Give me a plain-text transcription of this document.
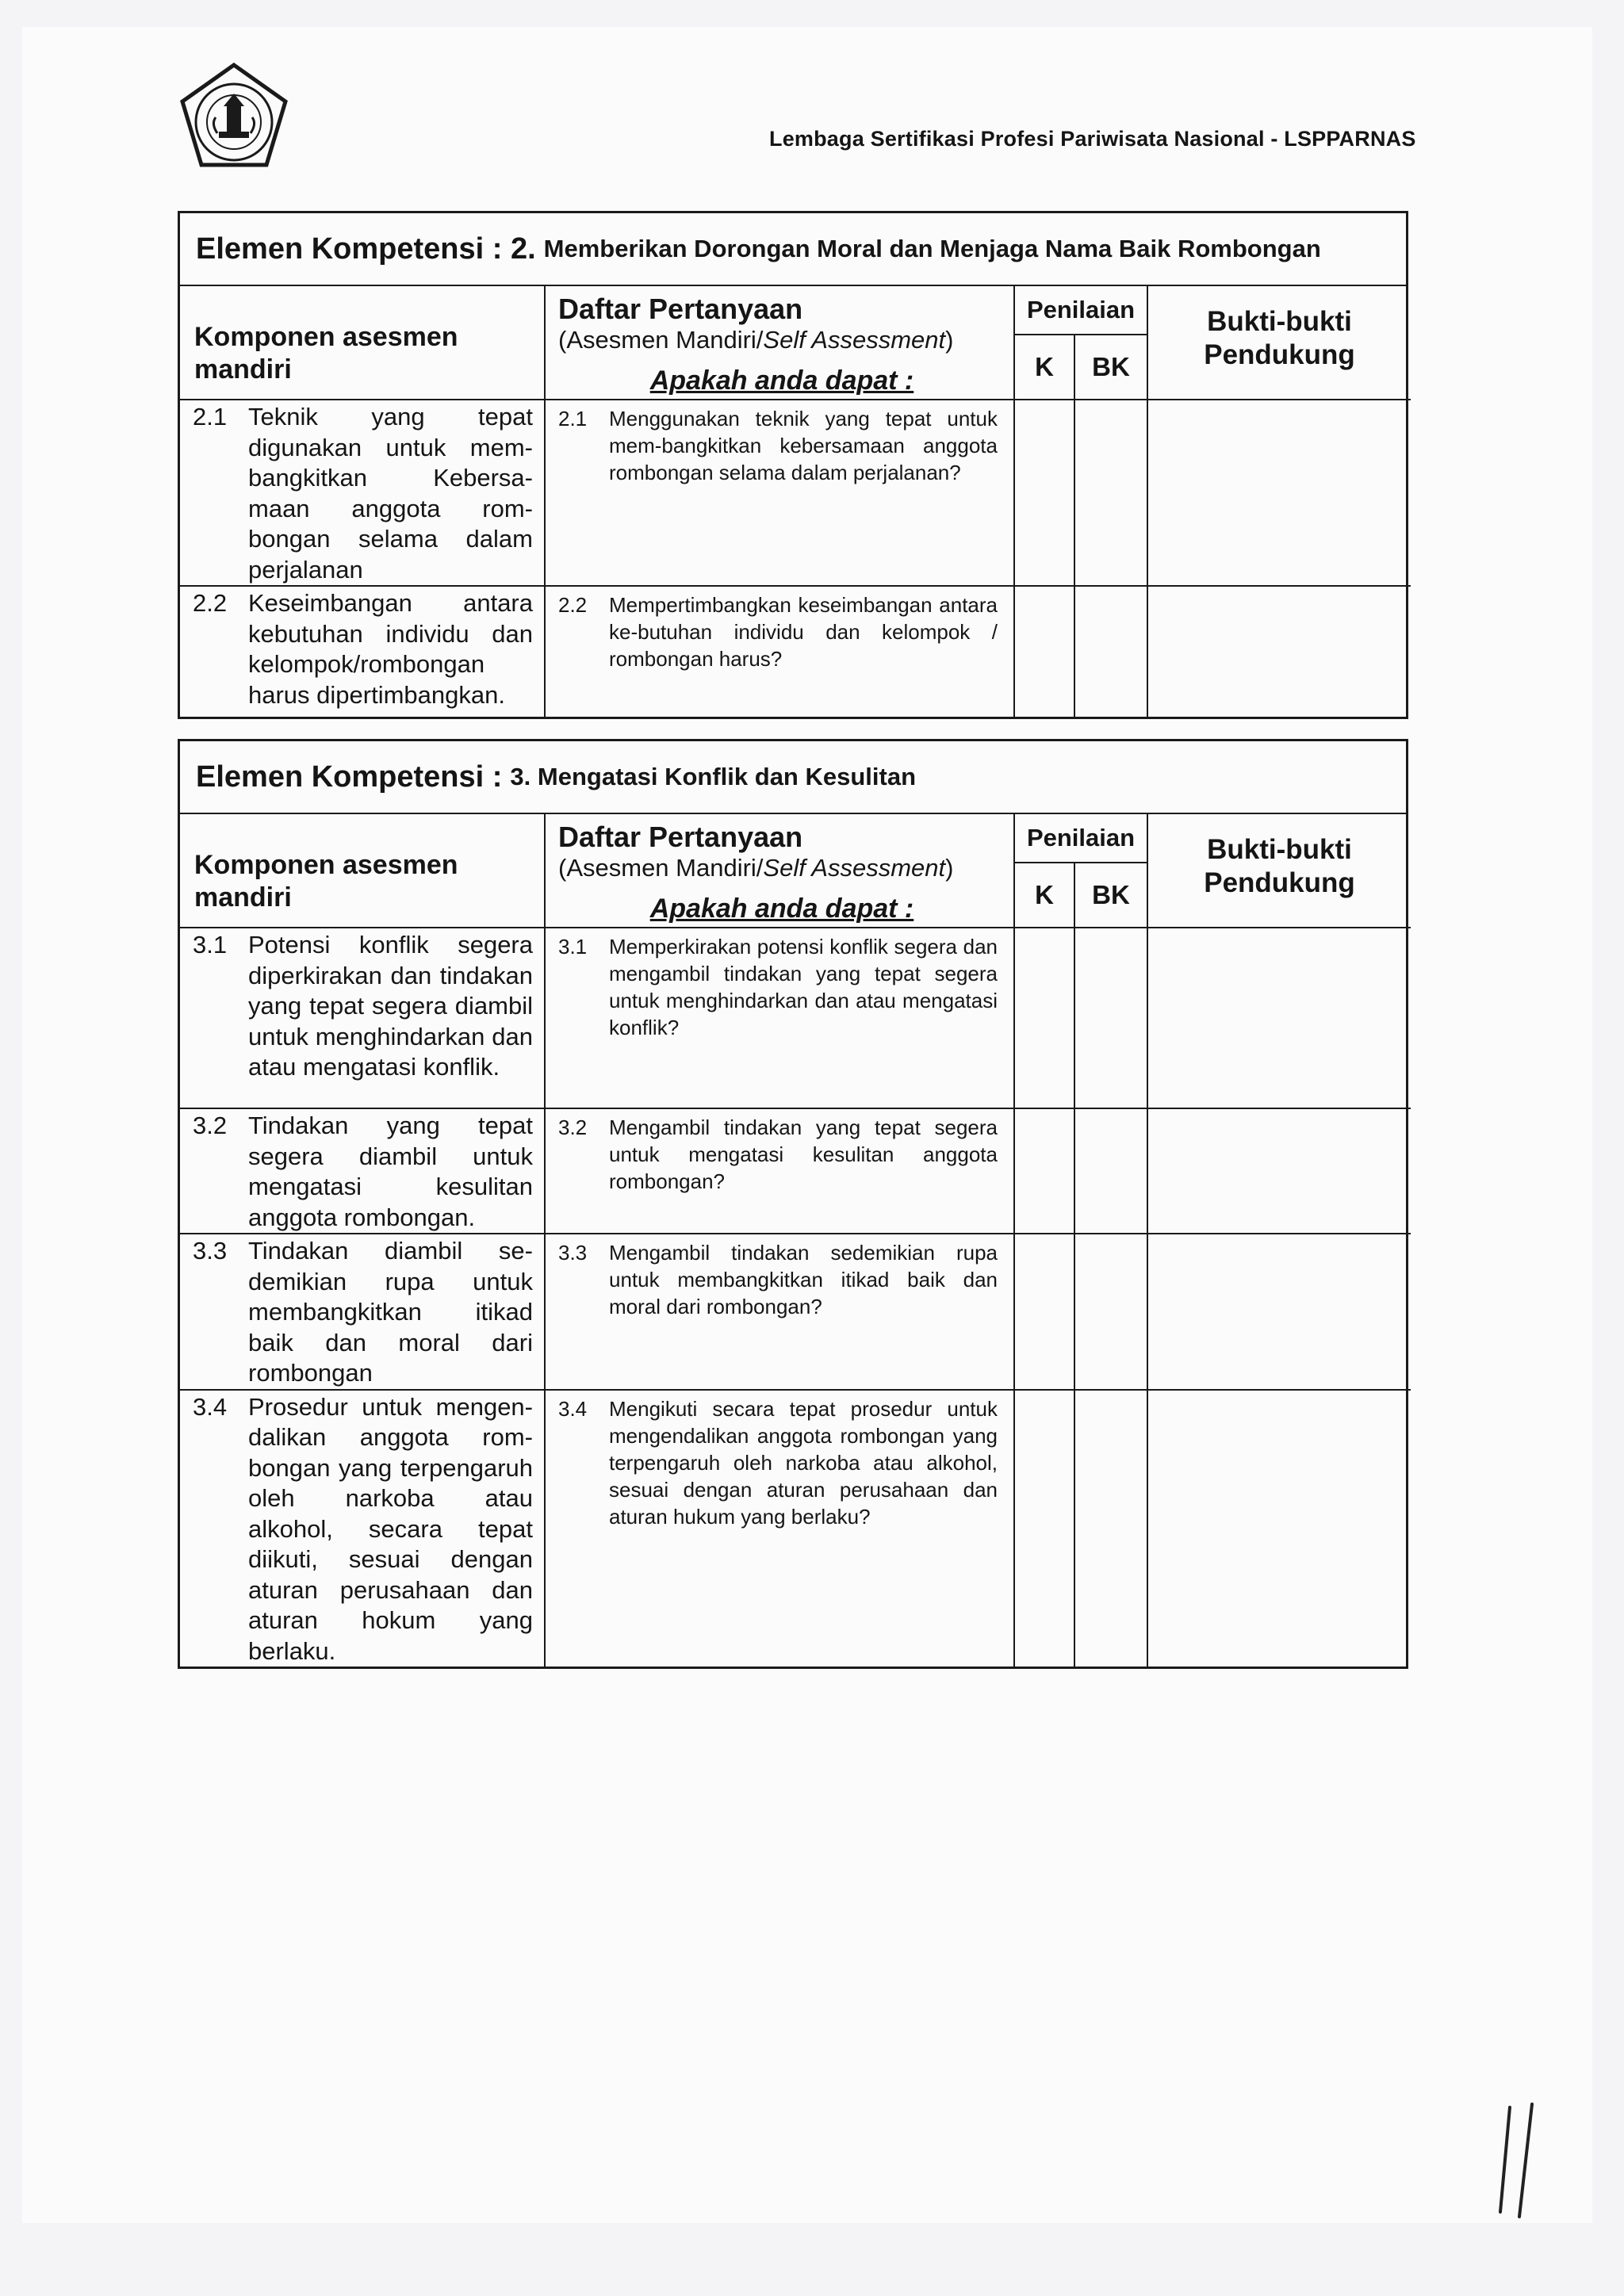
Lembaga Sertifikasi Profesi Pariwisata Nasional - LSPPARNAS
Elemen Kompetensi : 2. Memberikan Dorongan Moral dan Menjaga Nama Baik Rombongan
Komponen asesmen mandiri	Daftar Pertanyaan
(Asesmen Mandiri/Self Assessment)
Apakah anda dapat :	Penilaian		Bukti-bukti Pendukung
		K	BK	

2.1 Teknik yang tepat digunakan untuk mem-bangkitkan Kebersa-maan anggota rom-bongan selama dalam perjalanan	2.1 Menggunakan teknik yang tepat untuk mem-bangkitkan kebersamaan anggota rombongan selama dalam perjalanan?			

2.2 Keseimbangan antara kebutuhan individu dan kelompok/rombongan harus dipertimbangkan.	2.2 Mempertimbangkan keseimbangan antara ke-butuhan individu dan kelompok / rombongan harus?			

Elemen Kompetensi : 3. Mengatasi Konflik dan Kesulitan
Komponen asesmen mandiri	Daftar Pertanyaan
(Asesmen Mandiri/Self Assessment)
Apakah anda dapat :	Penilaian		Bukti-bukti Pendukung
		K	BK	

3.1 Potensi konflik segera diperkirakan dan tindakan yang tepat segera diambil untuk menghindarkan dan atau mengatasi konflik.	3.1 Memperkirakan potensi konflik segera dan mengambil tindakan yang tepat segera untuk menghindarkan dan atau mengatasi konflik?			

3.2 Tindakan yang tepat segera diambil untuk mengatasi kesulitan anggota rombongan.	3.2 Mengambil tindakan yang tepat segera untuk mengatasi kesulitan anggota rombongan?			

3.3 Tindakan diambil se-demikian rupa untuk membangkitkan itikad baik dan moral dari rombongan	3.3 Mengambil tindakan sedemikian rupa untuk membangkitkan itikad baik dan moral dari rombongan?			

3.4 Prosedur untuk mengen-dalikan anggota rom-bongan yang terpengaruh oleh narkoba atau alkohol, secara tepat diikuti, sesuai dengan aturan perusahaan dan aturan hokum yang berlaku.	3.4 Mengikuti secara tepat prosedur untuk mengendalikan anggota rombongan yang terpengaruh oleh narkoba atau alkohol, sesuai dengan aturan perusahaan dan aturan hukum yang berlaku?			
